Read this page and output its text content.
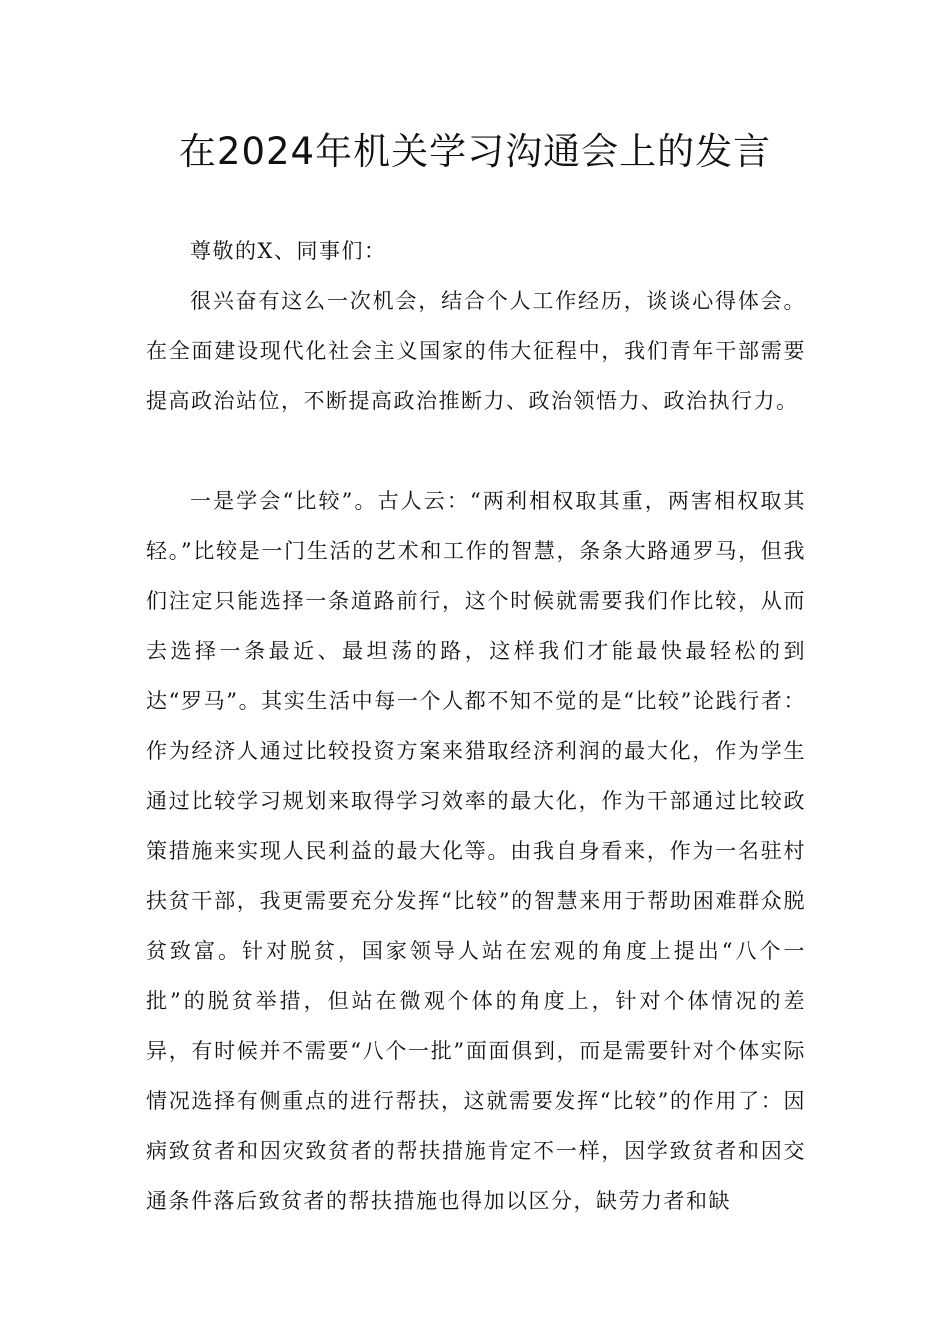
在2024年机关学习沟通会上的发言

尊敬的X、同事们：

很兴奋有这么一次机会，结合个人工作经历，谈谈心得体会。在全面建设现代化社会主义国家的伟大征程中，我们青年干部需要提高政治站位，不断提高政治推断力、政治领悟力、政治执行力。

一是学会“比较”。古人云：“两利相权取其重，两害相权取其轻。”比较是一门生活的艺术和工作的智慧，条条大路通罗马，但我们注定只能选择一条道路前行，这个时候就需要我们作比较，从而去选择一条最近、最坦荡的路，这样我们才能最快最轻松的到达“罗马”。其实生活中每一个人都不知不觉的是“比较”论践行者：作为经济人通过比较投资方案来猎取经济利润的最大化，作为学生通过比较学习规划来取得学习效率的最大化，作为干部通过比较政策措施来实现人民利益的最大化等。由我自身看来，作为一名驻村扶贫干部，我更需要充分发挥“比较”的智慧来用于帮助困难群众脱贫致富。针对脱贫，国家领导人站在宏观的角度上提出“八个一批”的脱贫举措，但站在微观个体的角度上，针对个体情况的差异，有时候并不需要“八个一批”面面俱到，而是需要针对个体实际情况选择有侧重点的进行帮扶，这就需要发挥“比较”的作用了：因病致贫者和因灾致贫者的帮扶措施肯定不一样，因学致贫者和因交通条件落后致贫者的帮扶措施也得加以区分，缺劳力者和缺
